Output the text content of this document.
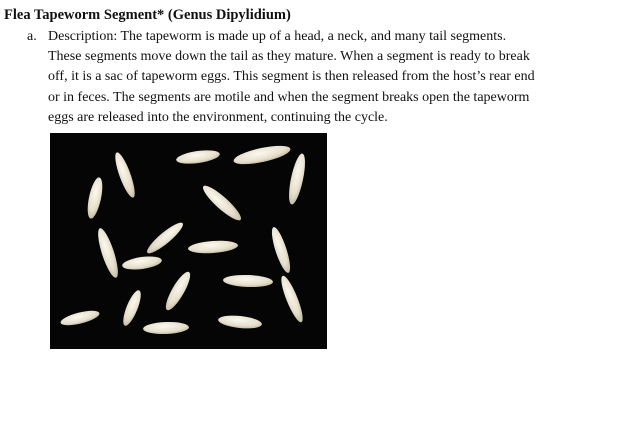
Flea Tapeworm Segment* (Genus Dipylidium)
a. Description: The tapeworm is made up of a head, a neck, and many tail segments.
These segments move down the tail as they mature. When a segment is ready to break
off, it is a sac of tapeworm eggs. This segment is then released from the host’s rear end
or in feces. The segments are motile and when the segment breaks open the tapeworm
eggs are released into the environment, continuing the cycle.
